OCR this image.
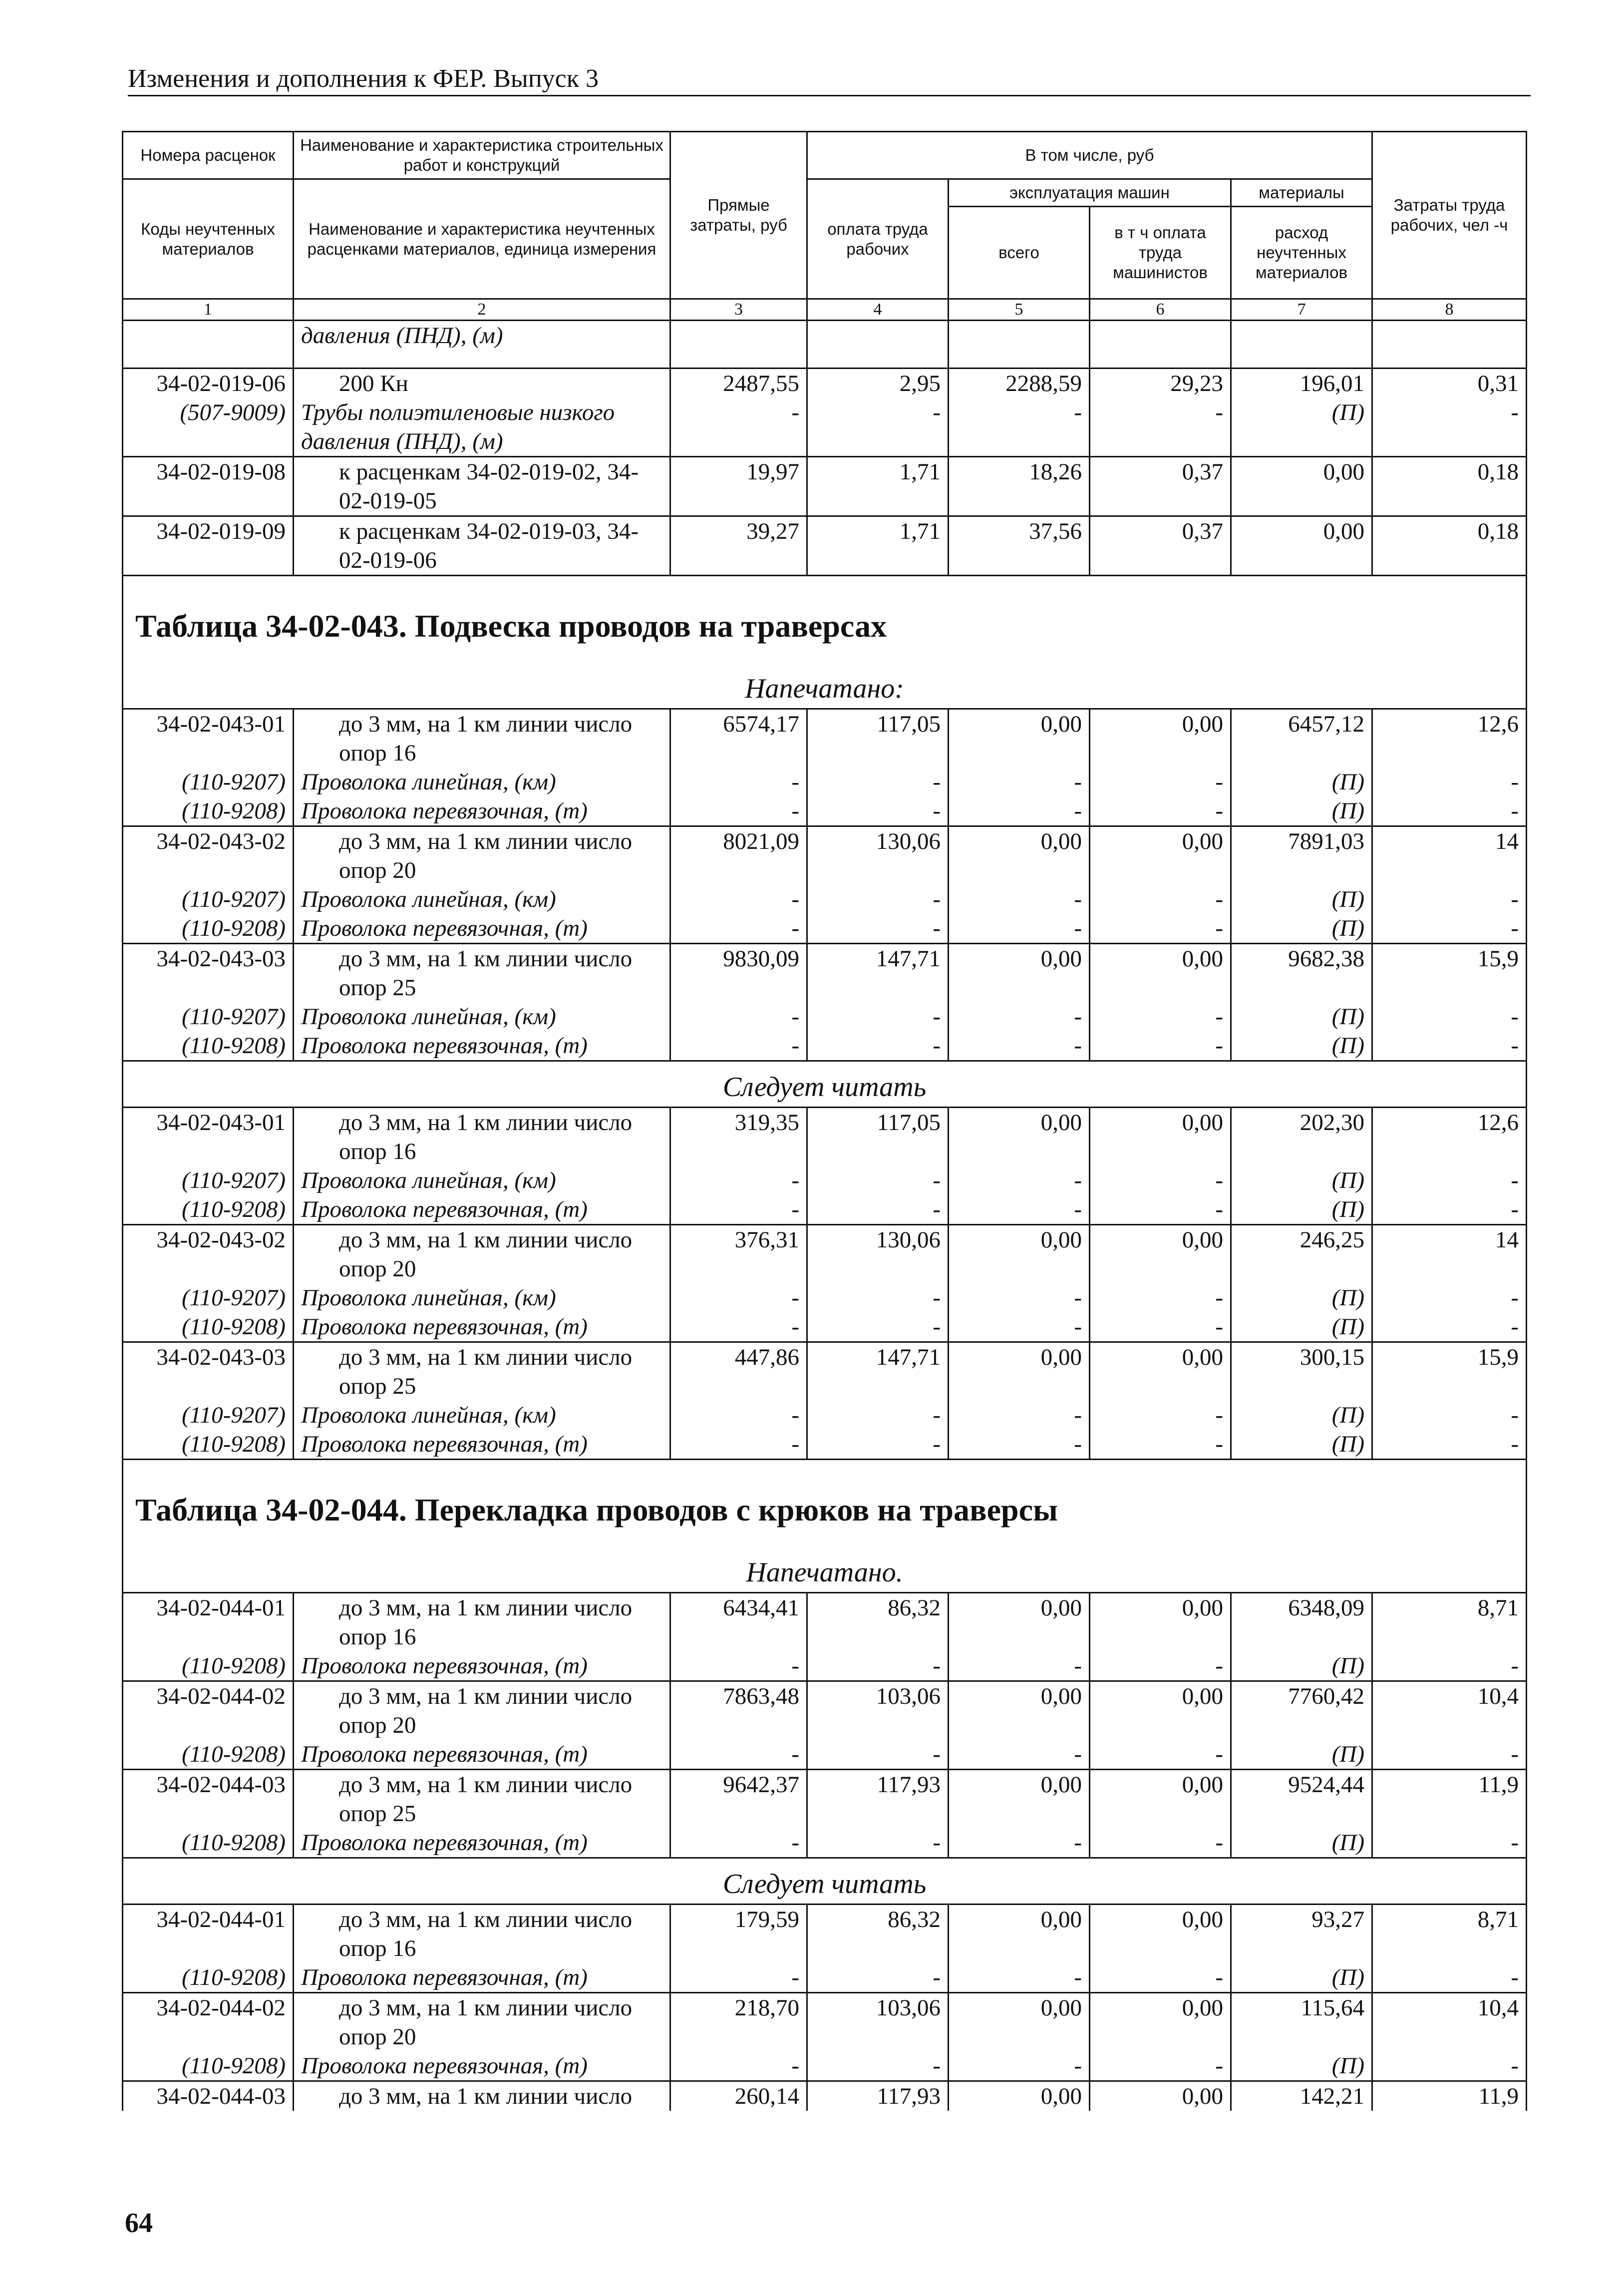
Изменения и дополнения к ФЕР. Выпуск 3
Номера расценок	Наименование и характеристика строительных работ и конструкций	Прямые затраты, руб	В том числе, руб				Затраты труда рабочих, чел -ч
Коды неучтенных материалов	Наименование и характеристика неучтенных расценками материалов, единица измерения		оплата труда рабочих	эксплуатация машин		материалы	
				всего	в т ч оплата труда машинистов	расход неучтенных материалов	
1	2	3	4	5	6	7	8
	давления (ПНД), (м)						
34-02-019-06	200 Кн	2487,55	2,95	2288,59	29,23	196,01	0,31
(507-9009)	Трубы полиэтиленовые низкого давления (ПНД), (м)	-	-	-	-	(П)	-
34-02-019-08	к расценкам 34-02-019-02, 34-02-019-05	19,97	1,71	18,26	0,37	0,00	0,18
34-02-019-09	к расценкам 34-02-019-03, 34-02-019-06	39,27	1,71	37,56	0,37	0,00	0,18

Таблица 34-02-043. Подвеска проводов на траверсах
Напечатано:							

34-02-043-01	до 3 мм, на 1 км линии число опор 16	6574,17	117,05	0,00	0,00	6457,12	12,6
(110-9207)	Проволока линейная, (км)	-	-	-	-	(П)	-
(110-9208)	Проволока перевязочная, (т)	-	-	-	-	(П)	-
34-02-043-02	до 3 мм, на 1 км линии число опор 20	8021,09	130,06	0,00	0,00	7891,03	14
(110-9207)	Проволока линейная, (км)	-	-	-	-	(П)	-
(110-9208)	Проволока перевязочная, (т)	-	-	-	-	(П)	-
34-02-043-03	до 3 мм, на 1 км линии число опор 25	9830,09	147,71	0,00	0,00	9682,38	15,9
(110-9207)	Проволока линейная, (км)	-	-	-	-	(П)	-
(110-9208)	Проволока перевязочная, (т)	-	-	-	-	(П)	-

Следует читать							

34-02-043-01	до 3 мм, на 1 км линии число опор 16	319,35	117,05	0,00	0,00	202,30	12,6
(110-9207)	Проволока линейная, (км)	-	-	-	-	(П)	-
(110-9208)	Проволока перевязочная, (т)	-	-	-	-	(П)	-
34-02-043-02	до 3 мм, на 1 км линии число опор 20	376,31	130,06	0,00	0,00	246,25	14
(110-9207)	Проволока линейная, (км)	-	-	-	-	(П)	-
(110-9208)	Проволока перевязочная, (т)	-	-	-	-	(П)	-
34-02-043-03	до 3 мм, на 1 км линии число опор 25	447,86	147,71	0,00	0,00	300,15	15,9
(110-9207)	Проволока линейная, (км)	-	-	-	-	(П)	-
(110-9208)	Проволока перевязочная, (т)	-	-	-	-	(П)	-

Таблица 34-02-044. Перекладка проводов с крюков на траверсы
Напечатано.							

34-02-044-01	до 3 мм, на 1 км линии число опор 16	6434,41	86,32	0,00	0,00	6348,09	8,71
(110-9208)	Проволока перевязочная, (т)	-	-	-	-	(П)	-
34-02-044-02	до 3 мм, на 1 км линии число опор 20	7863,48	103,06	0,00	0,00	7760,42	10,4
(110-9208)	Проволока перевязочная, (т)	-	-	-	-	(П)	-
34-02-044-03	до 3 мм, на 1 км линии число опор 25	9642,37	117,93	0,00	0,00	9524,44	11,9
(110-9208)	Проволока перевязочная, (т)	-	-	-	-	(П)	-

Следует читать							

34-02-044-01	до 3 мм, на 1 км линии число опор 16	179,59	86,32	0,00	0,00	93,27	8,71
(110-9208)	Проволока перевязочная, (т)	-	-	-	-	(П)	-
34-02-044-02	до 3 мм, на 1 км линии число опор 20	218,70	103,06	0,00	0,00	115,64	10,4
(110-9208)	Проволока перевязочная, (т)	-	-	-	-	(П)	-
34-02-044-03	до 3 мм, на 1 км линии число	260,14	117,93	0,00	0,00	142,21	11,9
64
